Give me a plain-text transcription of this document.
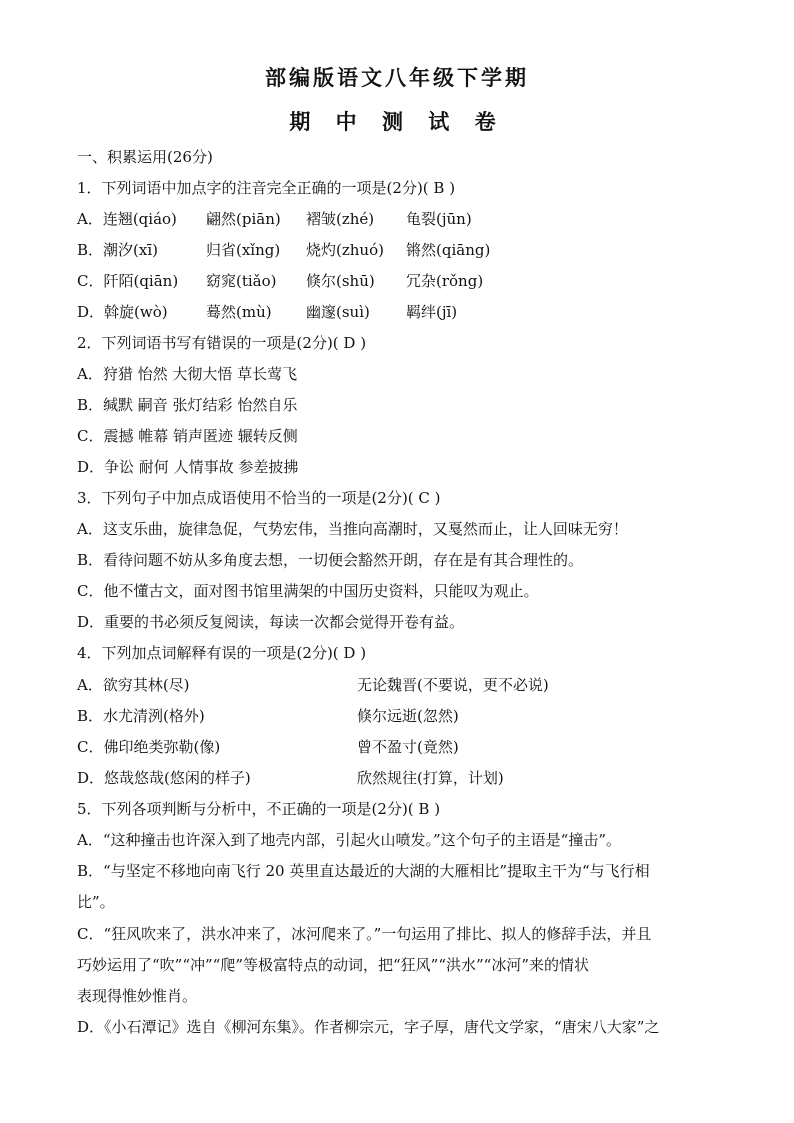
部编版语文八年级下学期
期 中 测 试 卷
一、积累运用(26分)
1．下列词语中加点字的注音完全正确的一项是(2分)( B )
A．连翘(qiáo) 翩然(piān) 褶皱(zhé) 龟裂(jūn)
B．潮汐(xī)	归省(xǐng) 烧灼(zhuó) 锵然(qiāng)
C．阡陌(qiān) 窈窕(tiǎo) 倏尔(shū) 冗杂(rǒng)
D．斡旋(wò)	蓦然(mù) 幽邃(suì) 羁绊(jī)
2．下列词语书写有错误的一项是(2分)( D )
A．狩猎 怡然 大彻大悟 草长莺飞
B．缄默 嗣音 张灯结彩 怡然自乐
C．震撼 帷幕 销声匿迹 辗转反侧
D．争讼 耐何 人情事故 参差披拂
3．下列句子中加点成语使用不恰当的一项是(2分)( C )
A．这支乐曲，旋律急促，气势宏伟，当推向高潮时，又戛然而止，让人回味无穷！
B．看待问题不妨从多角度去想，一切便会豁然开朗，存在是有其合理性的。
C．他不懂古文，面对图书馆里满架的中国历史资料，只能叹为观止。
D．重要的书必须反复阅读，每读一次都会觉得开卷有益。
4．下列加点词解释有误的一项是(2分)( D )
A．欲穷其林(尽)	无论魏晋(不要说，更不必说)
B．水尤清洌(格外)	倏尔远逝(忽然)
C．佛印绝类弥勒(像)	曾不盈寸(竟然)
D．悠哉悠哉(悠闲的样子)	欣然规往(打算，计划)
5．下列各项判断与分析中，不正确的一项是(2分)( B )
A．“这种撞击也许深入到了地壳内部，引起火山喷发。”这个句子的主语是“撞击”。
B．“与坚定不移地向南飞行 20 英里直达最近的大湖的大雁相比”提取主干为“与飞行相
比”。
C．“狂风吹来了，洪水冲来了，冰河爬来了。”一句运用了排比、拟人的修辞手法，并且
巧妙运用了“吹”“冲”“爬”等极富特点的动词，把“狂风”“洪水”“冰河”来的情状
表现得惟妙惟肖。
D．《小石潭记》选自《柳河东集》。作者柳宗元，字子厚，唐代文学家，“唐宋八大家”之
